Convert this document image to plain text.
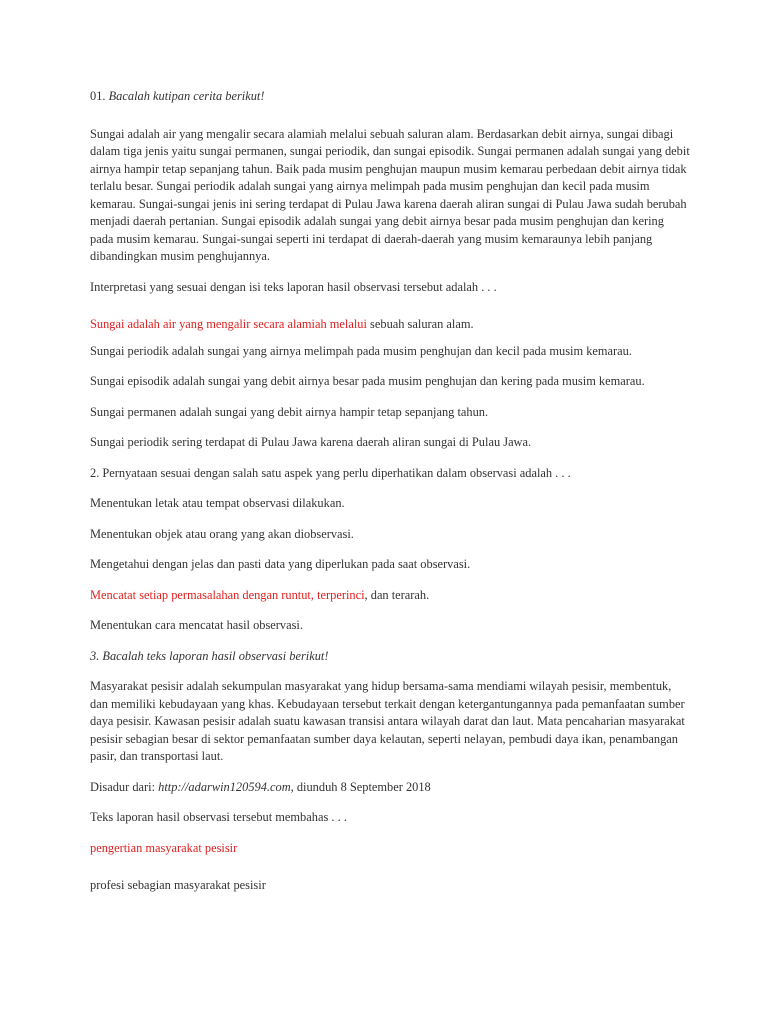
01. Bacalah kutipan cerita berikut!

Sungai adalah air yang mengalir secara alamiah melalui sebuah saluran alam. Berdasarkan debit airnya, sungai dibagi dalam tiga jenis yaitu sungai permanen, sungai periodik, dan sungai episodik. Sungai permanen adalah sungai yang debit airnya hampir tetap sepanjang tahun. Baik pada musim penghujan maupun musim kemarau perbedaan debit airnya tidak terlalu besar. Sungai periodik adalah sungai yang airnya melimpah pada musim penghujan dan kecil pada musim kemarau. Sungai-sungai jenis ini sering terdapat di Pulau Jawa karena daerah aliran sungai di Pulau Jawa sudah berubah menjadi daerah pertanian. Sungai episodik adalah sungai yang debit airnya besar pada musim penghujan dan kering pada musim kemarau. Sungai-sungai seperti ini terdapat di daerah-daerah yang musim kemaraunya lebih panjang dibandingkan musim penghujannya.

Interpretasi yang sesuai dengan isi teks laporan hasil observasi tersebut adalah . . .

Sungai adalah air yang mengalir secara alamiah melalui sebuah saluran alam.

Sungai periodik adalah sungai yang airnya melimpah pada musim penghujan dan kecil pada musim kemarau.

Sungai episodik adalah sungai yang debit airnya besar pada musim penghujan dan kering pada musim kemarau.

Sungai permanen adalah sungai yang debit airnya hampir tetap sepanjang tahun.

Sungai periodik sering terdapat di Pulau Jawa karena daerah aliran sungai di Pulau Jawa.

2. Pernyataan sesuai dengan salah satu aspek yang perlu diperhatikan dalam observasi adalah . . .

Menentukan letak atau tempat observasi dilakukan.

Menentukan objek atau orang yang akan diobservasi.

Mengetahui dengan jelas dan pasti data yang diperlukan pada saat observasi.

Mencatat setiap permasalahan dengan runtut, terperinci, dan terarah.

Menentukan cara mencatat hasil observasi.

3. Bacalah teks laporan hasil observasi berikut!

Masyarakat pesisir adalah sekumpulan masyarakat yang hidup bersama-sama mendiami wilayah pesisir, membentuk, dan memiliki kebudayaan yang khas. Kebudayaan tersebut terkait dengan ketergantungannya pada pemanfaatan sumber daya pesisir. Kawasan pesisir adalah suatu kawasan transisi antara wilayah darat dan laut. Mata pencaharian masyarakat pesisir sebagian besar di sektor pemanfaatan sumber daya kelautan, seperti nelayan, pembudi daya ikan, penambangan pasir, dan transportasi laut.

Disadur dari: http://adarwin120594.com, diunduh 8 September 2018

Teks laporan hasil observasi tersebut membahas . . .

pengertian masyarakat pesisir

profesi sebagian masyarakat pesisir
